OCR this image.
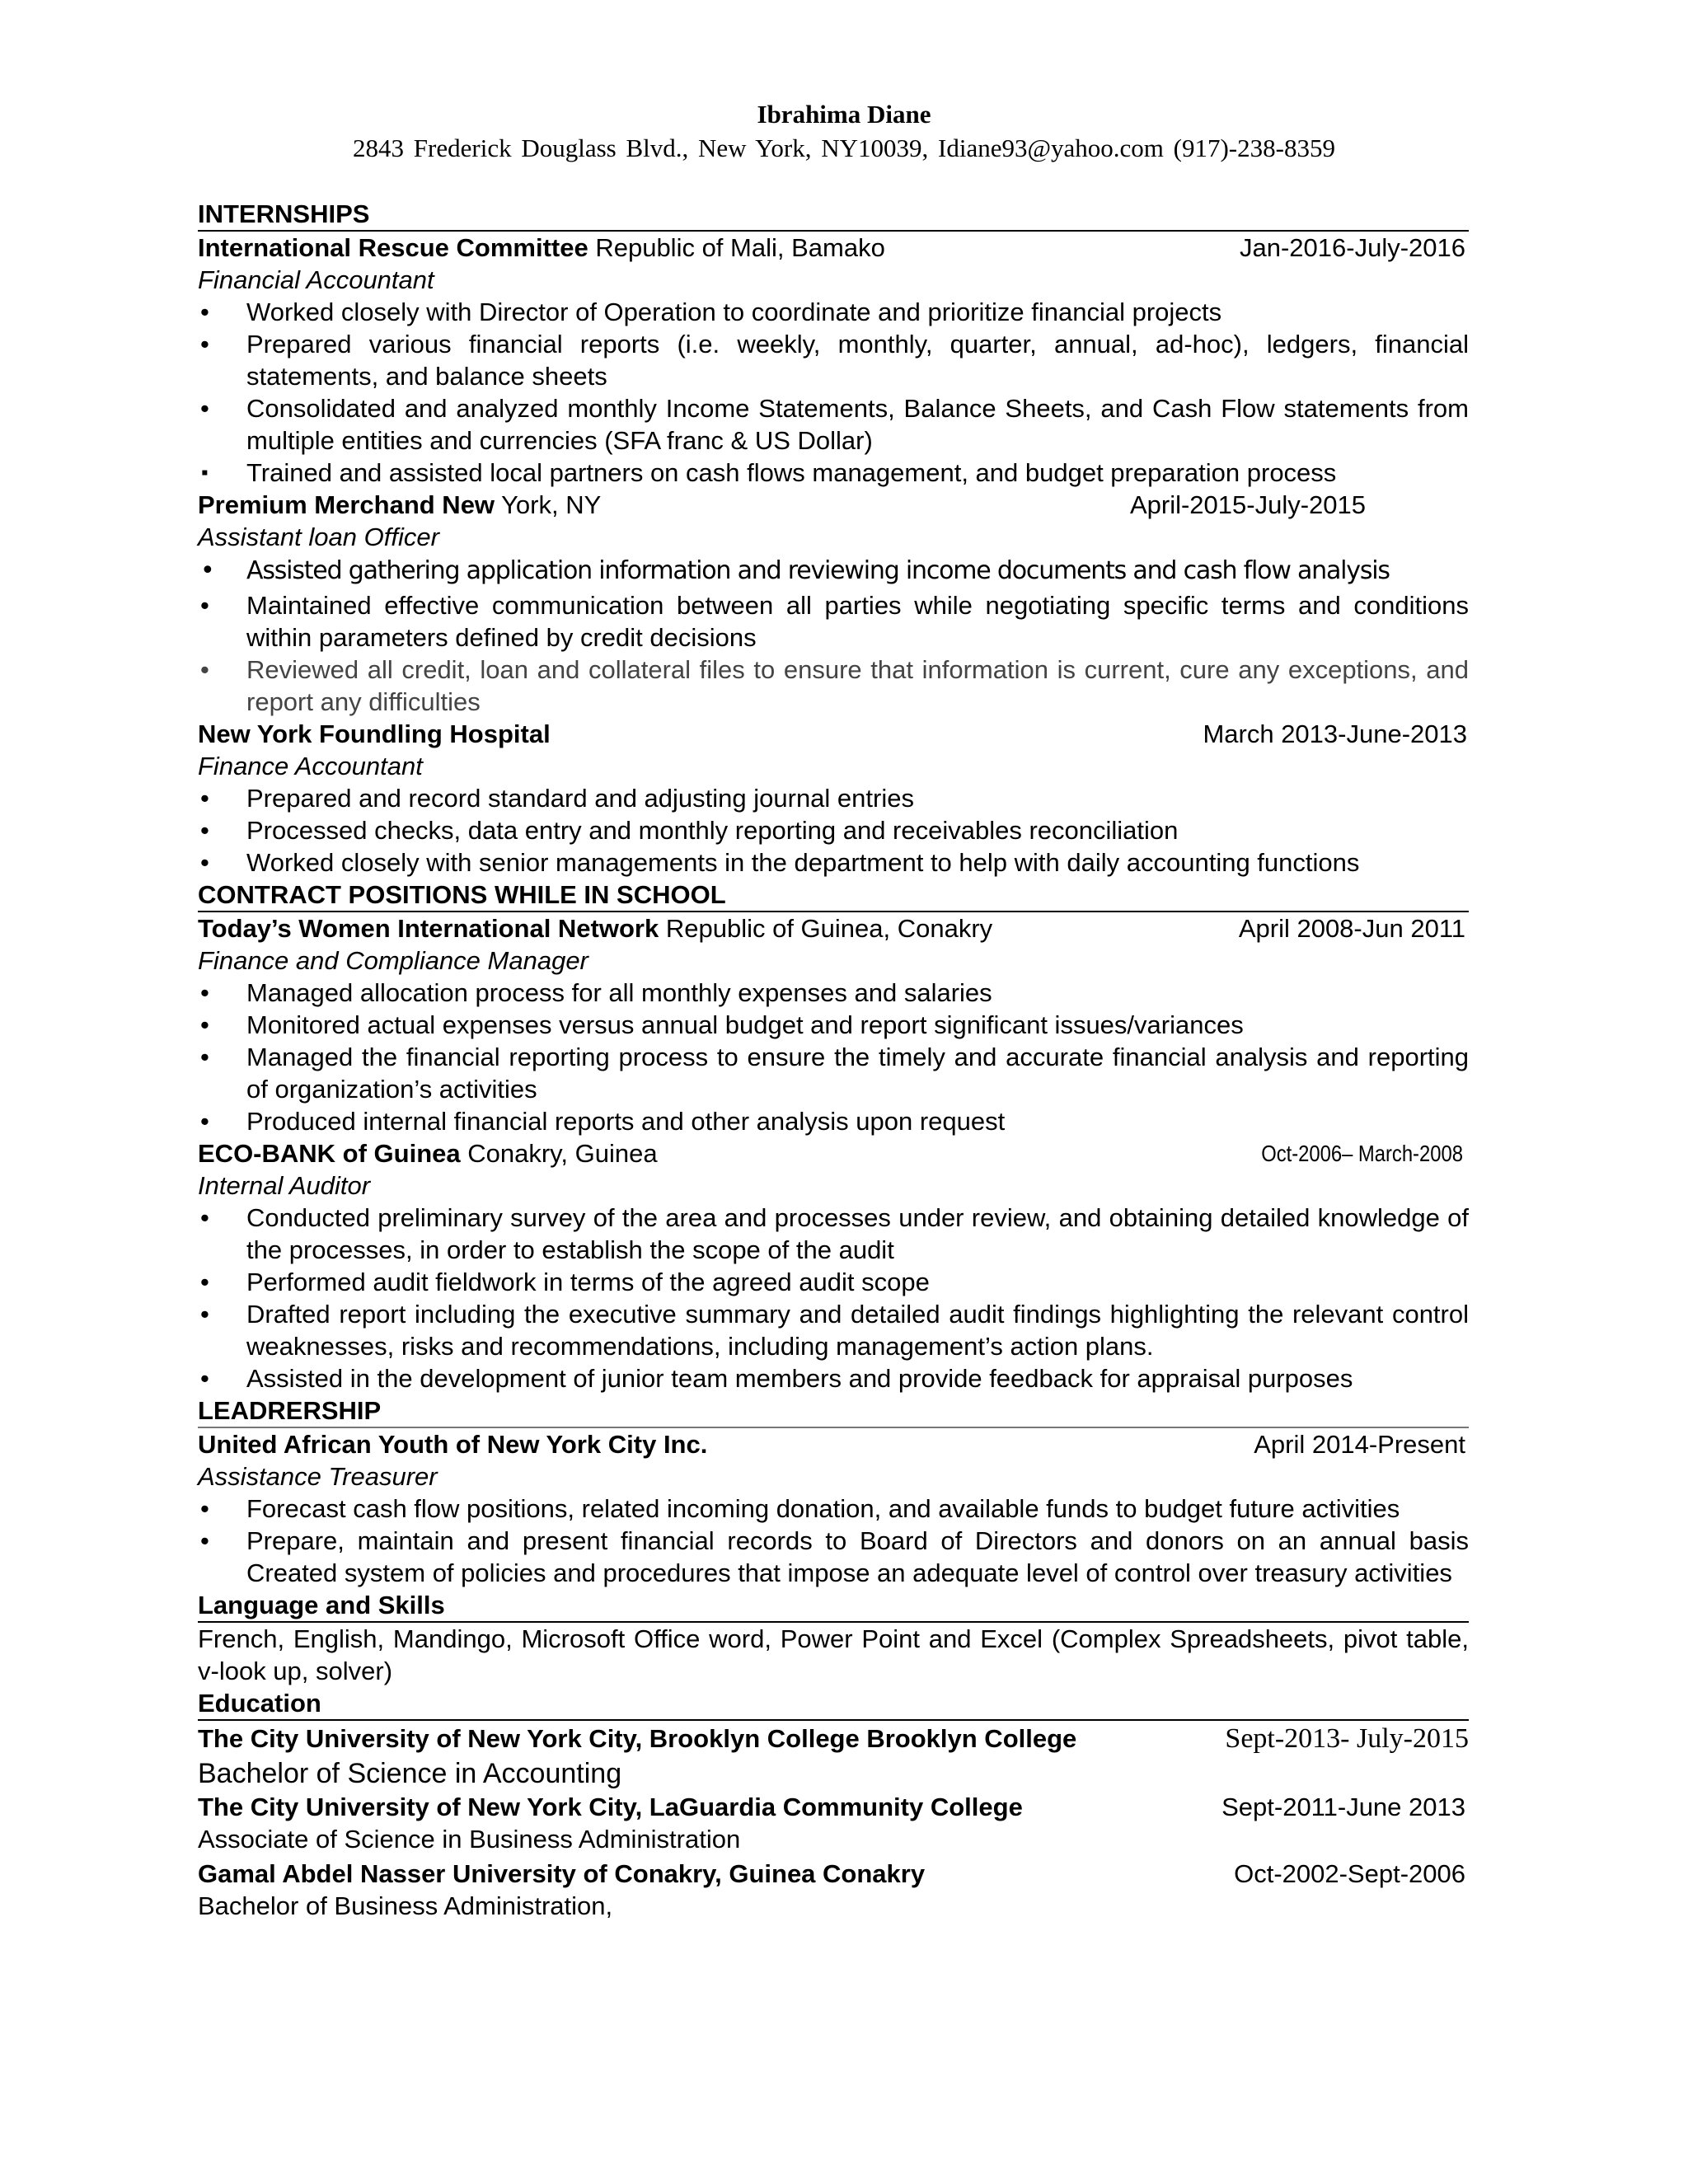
Ibrahima Diane
2843 Frederick Douglass Blvd., New York, NY10039, Idiane93@yahoo.com (917)-238-8359
INTERNSHIPS
International Rescue Committee Republic of Mali, Bamako	Jan-2016-July-2016
Financial Accountant
• Worked closely with Director of Operation to coordinate and prioritize financial projects
• Prepared various financial reports (i.e. weekly, monthly, quarter, annual, ad-hoc), ledgers, financial statements, and balance sheets
• Consolidated and analyzed monthly Income Statements, Balance Sheets, and Cash Flow statements from multiple entities and currencies (SFA franc & US Dollar)
▪ Trained and assisted local partners on cash flows management, and budget preparation process
Premium Merchand New York, NY	April-2015-July-2015
Assistant loan Officer
• Assisted gathering application information and reviewing income documents and cash flow analysis
• Maintained effective communication between all parties while negotiating specific terms and conditions within parameters defined by credit decisions
• Reviewed all credit, loan and collateral files to ensure that information is current, cure any exceptions, and report any difficulties
New York Foundling Hospital	March 2013-June-2013
Finance Accountant
• Prepared and record standard and adjusting journal entries
• Processed checks, data entry and monthly reporting and receivables reconciliation
• Worked closely with senior managements in the department to help with daily accounting functions
CONTRACT POSITIONS WHILE IN SCHOOL
Today’s Women International Network Republic of Guinea, Conakry	April 2008-Jun 2011
Finance and Compliance Manager
• Managed allocation process for all monthly expenses and salaries
• Monitored actual expenses versus annual budget and report significant issues/variances
• Managed the financial reporting process to ensure the timely and accurate financial analysis and reporting of organization’s activities
• Produced internal financial reports and other analysis upon request
ECO-BANK of Guinea Conakry, Guinea	Oct-2006– March-2008
Internal Auditor
• Conducted preliminary survey of the area and processes under review, and obtaining detailed knowledge of the processes, in order to establish the scope of the audit
• Performed audit fieldwork in terms of the agreed audit scope
• Drafted report including the executive summary and detailed audit findings highlighting the relevant control weaknesses, risks and recommendations, including management’s action plans.
• Assisted in the development of junior team members and provide feedback for appraisal purposes
LEADRERSHIP
United African Youth of New York City Inc.	April 2014-Present
Assistance Treasurer
• Forecast cash flow positions, related incoming donation, and available funds to budget future activities
• Prepare, maintain and present financial records to Board of Directors and donors on an annual basis Created system of policies and procedures that impose an adequate level of control over treasury activities
Language and Skills
French, English, Mandingo, Microsoft Office word, Power Point and Excel (Complex Spreadsheets, pivot table, v-look up, solver)
Education
The City University of New York City, Brooklyn College Brooklyn College	Sept-2013- July-2015
Bachelor of Science in Accounting
The City University of New York City, LaGuardia Community College	Sept-2011-June 2013
Associate of Science in Business Administration
Gamal Abdel Nasser University of Conakry, Guinea Conakry	Oct-2002-Sept-2006
Bachelor of Business Administration,
